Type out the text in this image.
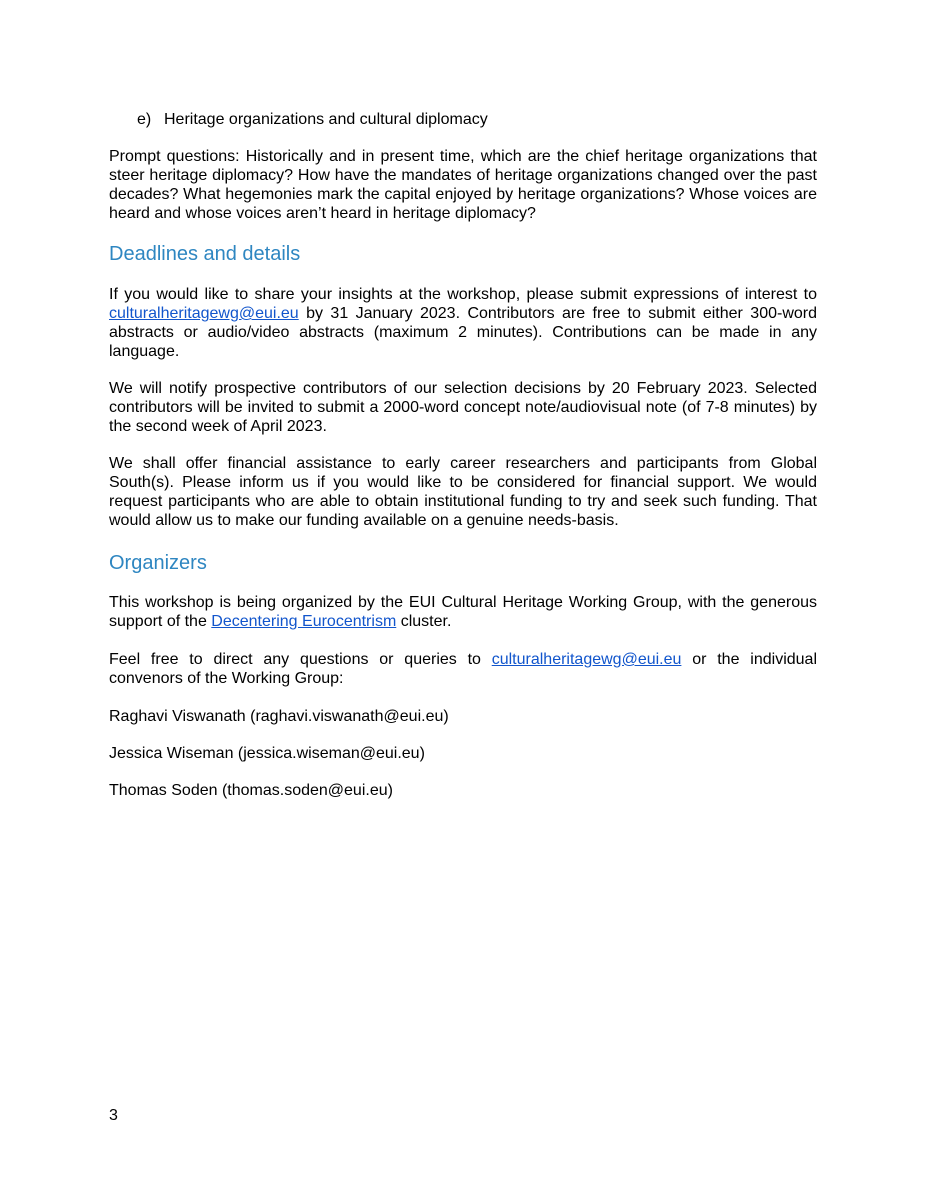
e) Heritage organizations and cultural diplomacy

Prompt questions: Historically and in present time, which are the chief heritage organizations that steer heritage diplomacy? How have the mandates of heritage organizations changed over the past decades? What hegemonies mark the capital enjoyed by heritage organizations? Whose voices are heard and whose voices aren’t heard in heritage diplomacy?

Deadlines and details

If you would like to share your insights at the workshop, please submit expressions of interest to culturalheritagewg@eui.eu by 31 January 2023. Contributors are free to submit either 300-word abstracts or audio/video abstracts (maximum 2 minutes). Contributions can be made in any language.

We will notify prospective contributors of our selection decisions by 20 February 2023. Selected contributors will be invited to submit a 2000-word concept note/audiovisual note (of 7-8 minutes) by the second week of April 2023.

We shall offer financial assistance to early career researchers and participants from Global South(s). Please inform us if you would like to be considered for financial support. We would request participants who are able to obtain institutional funding to try and seek such funding. That would allow us to make our funding available on a genuine needs-basis.

Organizers

This workshop is being organized by the EUI Cultural Heritage Working Group, with the generous support of the Decentering Eurocentrism cluster.

Feel free to direct any questions or queries to culturalheritagewg@eui.eu or the individual convenors of the Working Group:

Raghavi Viswanath (raghavi.viswanath@eui.eu)
Jessica Wiseman (jessica.wiseman@eui.eu)
Thomas Soden (thomas.soden@eui.eu)
3
